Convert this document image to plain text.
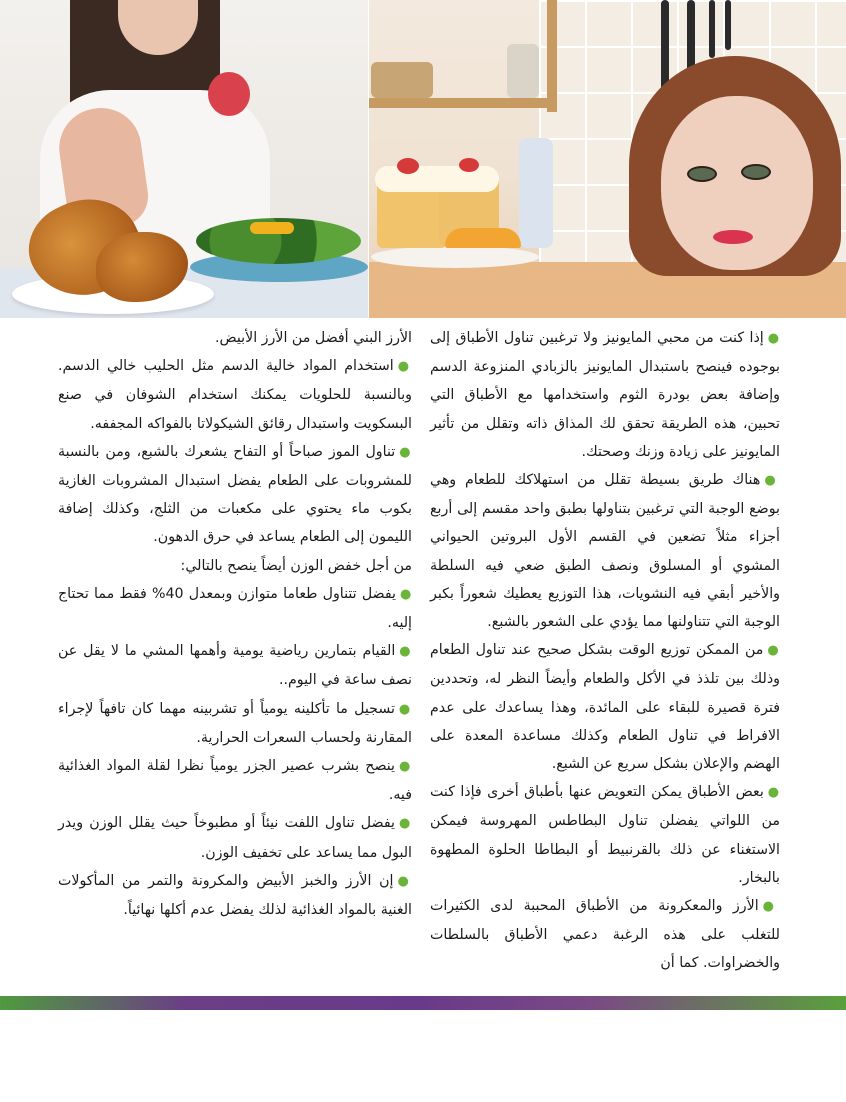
●إذا كنت من محبي المايونيز ولا ترغبين تناول الأطباق إلى بوجوده فينصح باستبدال المايونيز بالزبادي المنزوعة الدسم وإضافة بعض بودرة الثوم واستخدامها مع الأطباق التي تحبين، هذه الطريقة تحقق لك المذاق ذاته وتقلل من تأثير المايونيز على زيادة وزنك وصحتك.

●هناك طريق بسيطة تقلل من استهلاكك للطعام وهي بوضع الوجبة التي ترغبين بتناولها بطبق واحد مقسم إلى أربع أجزاء مثلاً تضعين في القسم الأول البروتين الحيواني المشوي أو المسلوق ونصف الطبق ضعي فيه السلطة والأخير أبقي فيه النشويات، هذا التوزيع يعطيك شعوراً بكبر الوجبة التي تتناولنها مما يؤدي على الشعور بالشبع.

●من الممكن توزيع الوقت بشكل صحيح عند تناول الطعام وذلك بين تلذذ في الأكل والطعام وأيضاً النظر له، وتحددين فترة قصيرة للبقاء على المائدة، وهذا يساعدك على عدم الافراط في تناول الطعام وكذلك مساعدة المعدة على الهضم والإعلان بشكل سريع عن الشبع.

●بعض الأطباق يمكن التعويض عنها بأطباق أخرى فإذا كنت من اللواتي يفضلن تناول البطاطس المهروسة فيمكن الاستغناء عن ذلك بالقرنبيط أو البطاطا الحلوة المطهوة بالبخار.

●الأرز والمعكرونة من الأطباق المحببة لدى الكثيرات للتغلب على هذه الرغبة دعمي الأطباق بالسلطات والخضراوات. كما أن

الأرز البني أفضل من الأرز الأبيض.

●استخدام المواد خالية الدسم مثل الحليب خالي الدسم. وبالنسبة للحلويات يمكنك استخدام الشوفان في صنع البسكويت واستبدال رقائق الشيكولاتا بالفواكه المجففه.

●تناول الموز صباحاً أو التفاح يشعرك بالشبع، ومن بالنسبة للمشروبات على الطعام يفضل استبدال المشروبات الغازية بكوب ماء يحتوي على مكعبات من الثلج، وكذلك إضافة الليمون إلى الطعام يساعد في حرق الدهون.

من أجل خفض الوزن أيضاً ينصح بالتالي:

●يفضل تتناول طعاما متوازن وبمعدل 40% فقط مما تحتاج إليه.

●القيام بتمارين رياضية يومية وأهمها المشي ما لا يقل عن نصف ساعة في اليوم..

●تسجيل ما تأكلينه يومياً أو تشربينه مهما كان تافهاً لإجراء المقارنة ولحساب السعرات الحرارية.

●ينصح بشرب عصير الجزر يومياً نظرا لقلة المواد الغذائية فيه.

●يفضل تناول اللفت نيئاً أو مطبوخاً حيث يقلل الوزن ويدر البول مما يساعد على تخفيف الوزن.

●إن الأرز والخبز الأبيض والمكرونة والتمر من المأكولات الغنية بالمواد الغذائية لذلك يفضل عدم أكلها نهائياً.
